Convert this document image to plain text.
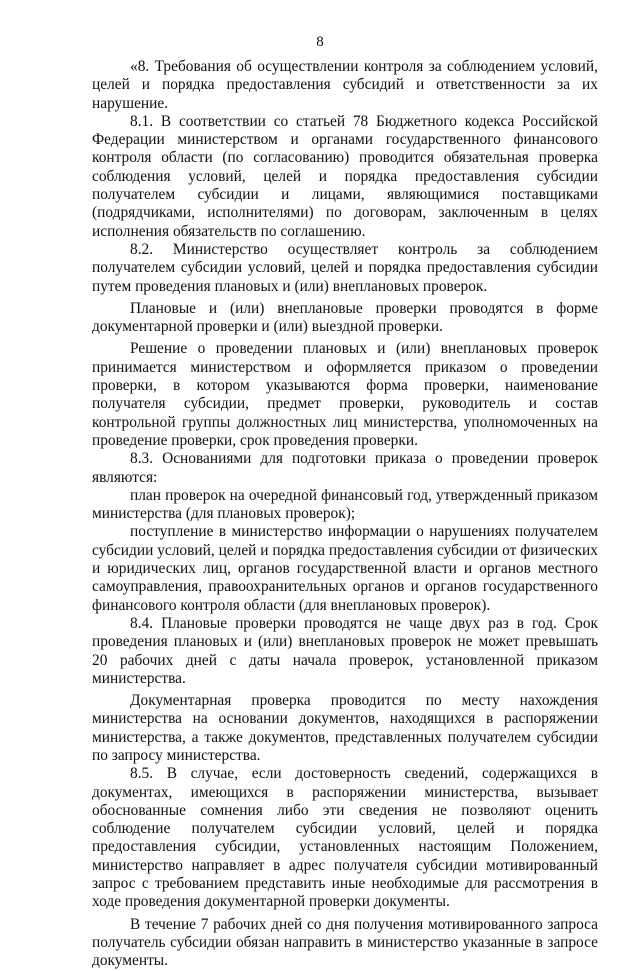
8

«8. Требования об осуществлении контроля за соблюдением условий, целей и порядка предоставления субсидий и ответственности за их нарушение.

8.1. В соответствии со статьей 78 Бюджетного кодекса Российской Федерации министерством и органами государственного финансового контроля области (по согласованию) проводится обязательная проверка соблюдения условий, целей и порядка предоставления субсидии получателем субсидии и лицами, являющимися поставщиками (подрядчиками, исполнителями) по договорам, заключенным в целях исполнения обязательств по соглашению.

8.2. Министерство осуществляет контроль за соблюдением получателем субсидии условий, целей и порядка предоставления субсидии путем проведения плановых и (или) внеплановых проверок.

Плановые и (или) внеплановые проверки проводятся в форме документарной проверки и (или) выездной проверки.

Решение о проведении плановых и (или) внеплановых проверок принимается министерством и оформляется приказом о проведении проверки, в котором указываются форма проверки, наименование получателя субсидии, предмет проверки, руководитель и состав контрольной группы должностных лиц министерства, уполномоченных на проведение проверки, срок проведения проверки.

8.3. Основаниями для подготовки приказа о проведении проверок являются:

план проверок на очередной финансовый год, утвержденный приказом министерства (для плановых проверок);

поступление в министерство информации о нарушениях получателем субсидии условий, целей и порядка предоставления субсидии от физических и юридических лиц, органов государственной власти и органов местного самоуправления, правоохранительных органов и органов государственного финансового контроля области (для внеплановых проверок).

8.4. Плановые проверки проводятся не чаще двух раз в год. Срок проведения плановых и (или) внеплановых проверок не может превышать 20 рабочих дней с даты начала проверок, установленной приказом министерства.

Документарная проверка проводится по месту нахождения министерства на основании документов, находящихся в распоряжении министерства, а также документов, представленных получателем субсидии по запросу министерства.

8.5. В случае, если достоверность сведений, содержащихся в документах, имеющихся в распоряжении министерства, вызывает обоснованные сомнения либо эти сведения не позволяют оценить соблюдение получателем субсидии условий, целей и порядка предоставления субсидии, установленных настоящим Положением, министерство направляет в адрес получателя субсидии мотивированный запрос с требованием представить иные необходимые для рассмотрения в ходе проведения документарной проверки документы.

В течение 7 рабочих дней со дня получения мотивированного запроса получатель субсидии обязан направить в министерство указанные в запросе документы.
